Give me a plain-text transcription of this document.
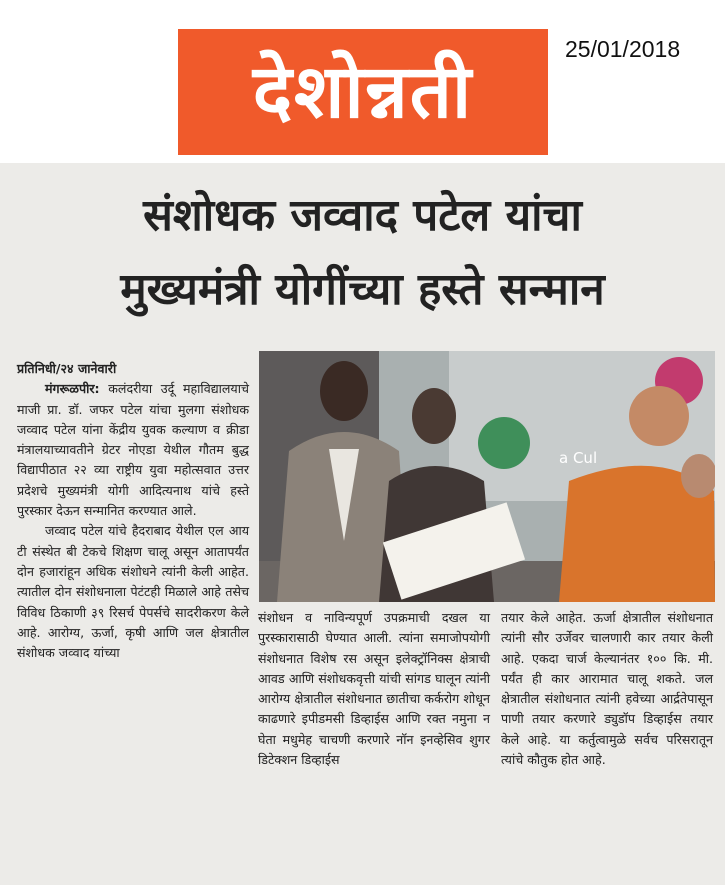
देशोन्नती	25/01/2018
संशोधक जव्वाद पटेल यांचा
मुख्यमंत्री योगींच्या हस्ते सन्मान

प्रतिनिधी/२४ जानेवारी

मंगरूळपीर: कलंदरीया उर्दू महाविद्यालयाचे माजी प्रा. डॉ. जफर पटेल यांचा मुलगा संशोधक जव्वाद पटेल यांना केंद्रीय युवक कल्याण व क्रीडा मंत्रालयाच्यावतीने ग्रेटर नोएडा येथील गौतम बुद्ध विद्यापीठात २२ व्या राष्ट्रीय युवा महोत्सवात उत्तर प्रदेशचे मुख्यमंत्री योगी आदित्यनाथ यांचे हस्ते पुरस्कार देऊन सन्मानित करण्यात आले.

जव्वाद पटेल यांचे हैदराबाद येथील एल आय टी संस्थेत बी टेकचे शिक्षण चालू असून आतापर्यंत दोन हजारांहून अधिक संशोधने त्यांनी केली आहेत. त्यातील दोन संशोधनाला पेटंटही मिळाले आहे तसेच विविध ठिकाणी ३९ रिसर्च पेपर्सचे सादरीकरण केले आहे. आरोग्य, ऊर्जा, कृषी आणि जल क्षेत्रातील संशोधक जव्वाद यांच्या

a Cul

संशोधन व नाविन्यपूर्ण उपक्रमाची दखल या पुरस्कारासाठी घेण्यात आली. त्यांना समाजोपयोगी संशोधनात विशेष रस असून इलेक्ट्रॉनिक्स क्षेत्राची आवड आणि संशोधकवृत्ती यांची सांगड घालून त्यांनी आरोग्य क्षेत्रातील संशोधनात छातीचा कर्करोग शोधून काढणारे इपीडमसी डिव्हाईस आणि रक्त नमुना न घेता मधुमेह चाचणी करणारे नॉन इनव्हेसिव शुगर डिटेक्शन डिव्हाईस

तयार केले आहेत. ऊर्जा क्षेत्रातील संशोधनात त्यांनी सौर उर्जेवर चालणारी कार तयार केली आहे. एकदा चार्ज केल्यानंतर १०० कि. मी. पर्यंत ही कार आरामात चालू शकते. जल क्षेत्रातील संशोधनात त्यांनी हवेच्या आर्द्रतेपासून पाणी तयार करणारे ड्युडॉप डिव्हाईस तयार केले आहे. या कर्तुत्वामुळे सर्वच परिसरातून त्यांचे कौतुक होत आहे.
